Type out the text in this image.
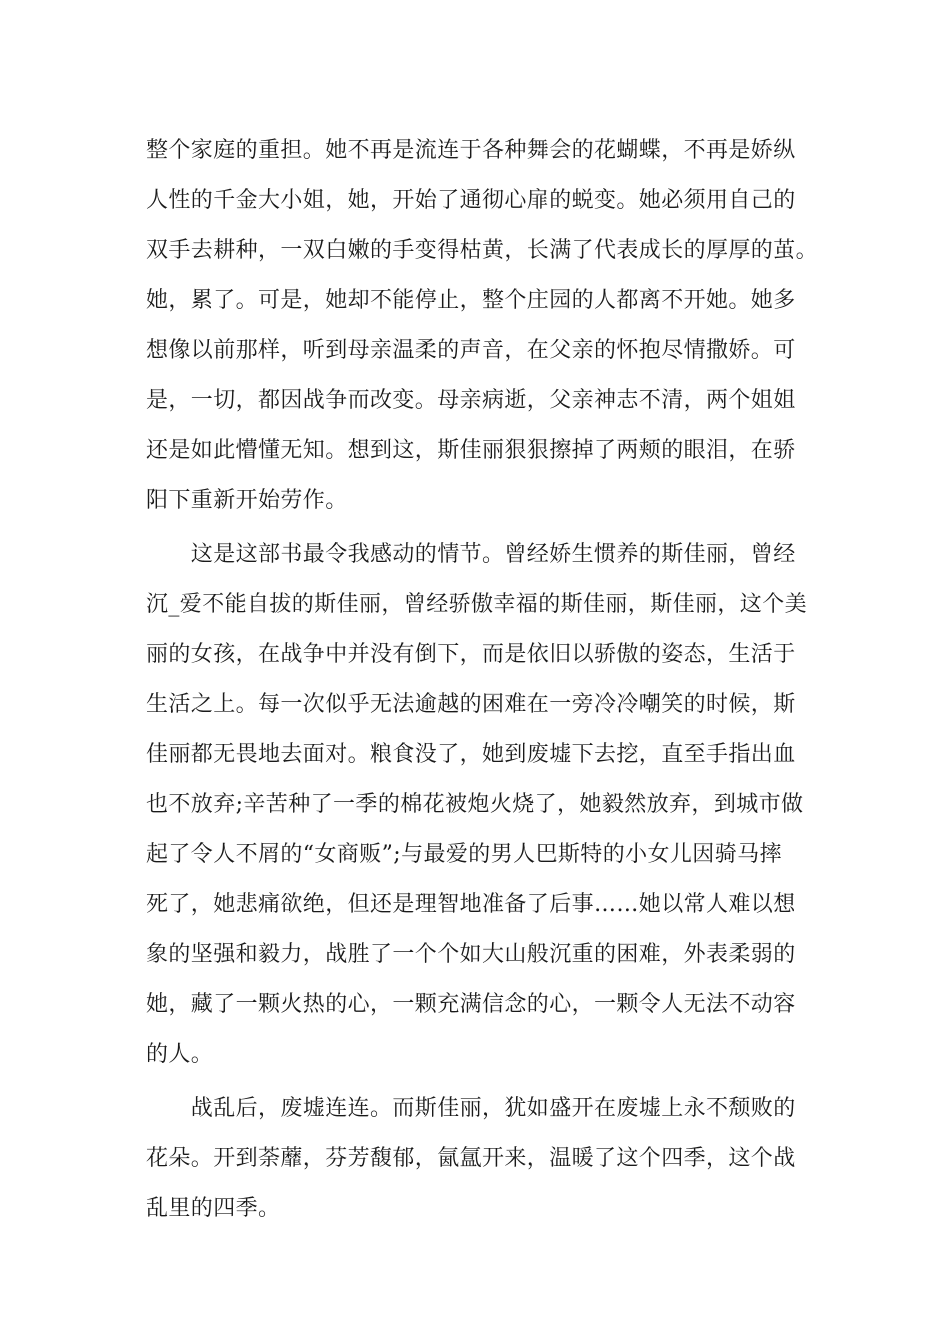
整个家庭的重担。她不再是流连于各种舞会的花蝴蝶，不再是娇纵
人性的千金大小姐，她，开始了通彻心扉的蜕变。她必须用自己的
双手去耕种，一双白嫩的手变得枯黄，长满了代表成长的厚厚的茧。
她，累了。可是，她却不能停止，整个庄园的人都离不开她。她多
想像以前那样，听到母亲温柔的声音，在父亲的怀抱尽情撒娇。可
是，一切，都因战争而改变。母亲病逝，父亲神志不清，两个姐姐
还是如此懵懂无知。想到这，斯佳丽狠狠擦掉了两颊的眼泪，在骄
阳下重新开始劳作。
　　这是这部书最令我感动的情节。曾经娇生惯养的斯佳丽，曾经
沉_爱不能自拔的斯佳丽，曾经骄傲幸福的斯佳丽，斯佳丽，这个美
丽的女孩，在战争中并没有倒下，而是依旧以骄傲的姿态，生活于
生活之上。每一次似乎无法逾越的困难在一旁冷冷嘲笑的时候，斯
佳丽都无畏地去面对。粮食没了，她到废墟下去挖，直至手指出血
也不放弃;辛苦种了一季的棉花被炮火烧了，她毅然放弃，到城市做
起了令人不屑的“女商贩”;与最爱的男人巴斯特的小女儿因骑马摔
死了，她悲痛欲绝，但还是理智地准备了后事……她以常人难以想
象的坚强和毅力，战胜了一个个如大山般沉重的困难，外表柔弱的
她，藏了一颗火热的心，一颗充满信念的心，一颗令人无法不动容
的人。
　　战乱后，废墟连连。而斯佳丽，犹如盛开在废墟上永不颓败的
花朵。开到荼蘼，芬芳馥郁，氤氲开来，温暖了这个四季，这个战
乱里的四季。
